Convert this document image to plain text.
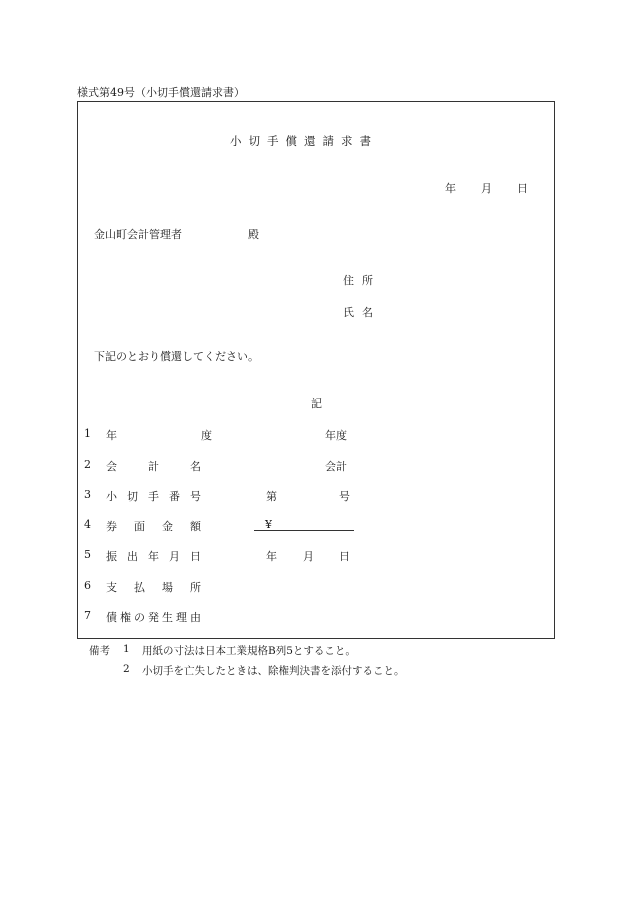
様式第49号（小切手償還請求書）
小切手償還請求書
年 月 日
金山町会計管理者	殿
住所
氏名
下記のとおり償還してください。
記
1 年度	年度
2 会計名	会計
3 小切手番号	第	号
4 券面金額	¥
5 振出年月日	年 月 日
6 支払場所
7 債権の発生理由
備考 1 用紙の寸法は日本工業規格B列5とすること。
2 小切手を亡失したときは、除権判決書を添付すること。
